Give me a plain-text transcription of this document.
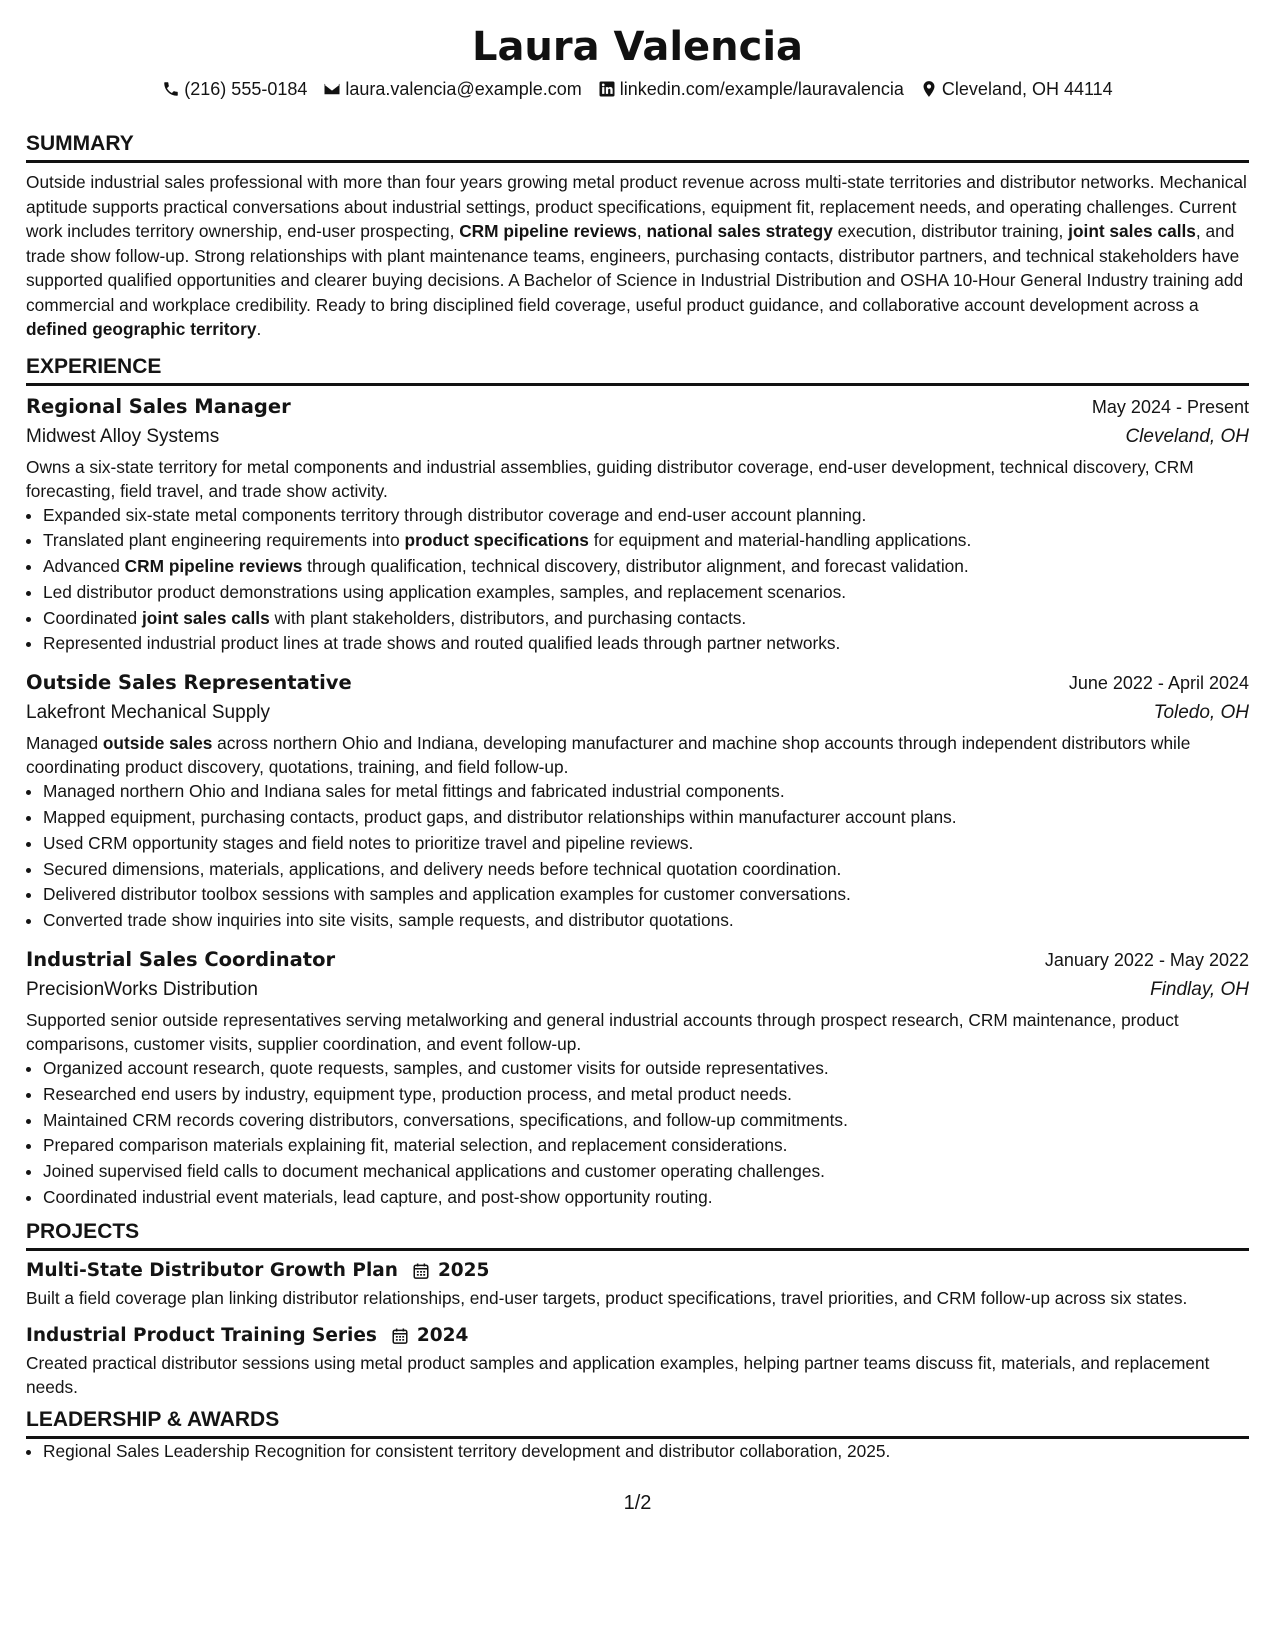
Laura Valencia
(216) 555-0184 laura.valencia@example.com linkedin.com/example/lauravalencia Cleveland, OH 44114
SUMMARY

Outside industrial sales professional with more than four years growing metal product revenue across multi-state territories and distributor networks. Mechanical aptitude supports practical conversations about industrial settings, product specifications, equipment fit, replacement needs, and operating challenges. Current work includes territory ownership, end-user prospecting, CRM pipeline reviews, national sales strategy execution, distributor training, joint sales calls, and trade show follow-up. Strong relationships with plant maintenance teams, engineers, purchasing contacts, distributor partners, and technical stakeholders have supported qualified opportunities and clearer buying decisions. A Bachelor of Science in Industrial Distribution and OSHA 10-Hour General Industry training add commercial and workplace credibility. Ready to bring disciplined field coverage, useful product guidance, and collaborative account development across a defined geographic territory.

EXPERIENCE
Regional Sales Manager	May 2024 - Present
Midwest Alloy Systems	Cleveland, OH

Owns a six-state territory for metal components and industrial assemblies, guiding distributor coverage, end-user development, technical discovery, CRM forecasting, field travel, and trade show activity.

• Expanded six-state metal components territory through distributor coverage and end-user account planning.
• Translated plant engineering requirements into product specifications for equipment and material-handling applications.
• Advanced CRM pipeline reviews through qualification, technical discovery, distributor alignment, and forecast validation.
• Led distributor product demonstrations using application examples, samples, and replacement scenarios.
• Coordinated joint sales calls with plant stakeholders, distributors, and purchasing contacts.
• Represented industrial product lines at trade shows and routed qualified leads through partner networks.
Outside Sales Representative	June 2022 - April 2024
Lakefront Mechanical Supply	Toledo, OH

Managed outside sales across northern Ohio and Indiana, developing manufacturer and machine shop accounts through independent distributors while coordinating product discovery, quotations, training, and field follow-up.

• Managed northern Ohio and Indiana sales for metal fittings and fabricated industrial components.
• Mapped equipment, purchasing contacts, product gaps, and distributor relationships within manufacturer account plans.
• Used CRM opportunity stages and field notes to prioritize travel and pipeline reviews.
• Secured dimensions, materials, applications, and delivery needs before technical quotation coordination.
• Delivered distributor toolbox sessions with samples and application examples for customer conversations.
• Converted trade show inquiries into site visits, sample requests, and distributor quotations.
Industrial Sales Coordinator	January 2022 - May 2022
PrecisionWorks Distribution	Findlay, OH

Supported senior outside representatives serving metalworking and general industrial accounts through prospect research, CRM maintenance, product comparisons, customer visits, supplier coordination, and event follow-up.

• Organized account research, quote requests, samples, and customer visits for outside representatives.
• Researched end users by industry, equipment type, production process, and metal product needs.
• Maintained CRM records covering distributors, conversations, specifications, and follow-up commitments.
• Prepared comparison materials explaining fit, material selection, and replacement considerations.
• Joined supervised field calls to document mechanical applications and customer operating challenges.
• Coordinated industrial event materials, lead capture, and post-show opportunity routing.
PROJECTS
Multi-State Distributor Growth Plan 2025

Built a field coverage plan linking distributor relationships, end-user targets, product specifications, travel priorities, and CRM follow-up across six states.

Industrial Product Training Series 2024

Created practical distributor sessions using metal product samples and application examples, helping partner teams discuss fit, materials, and replacement needs.

LEADERSHIP & AWARDS
• Regional Sales Leadership Recognition for consistent territory development and distributor collaboration, 2025.
1/2
